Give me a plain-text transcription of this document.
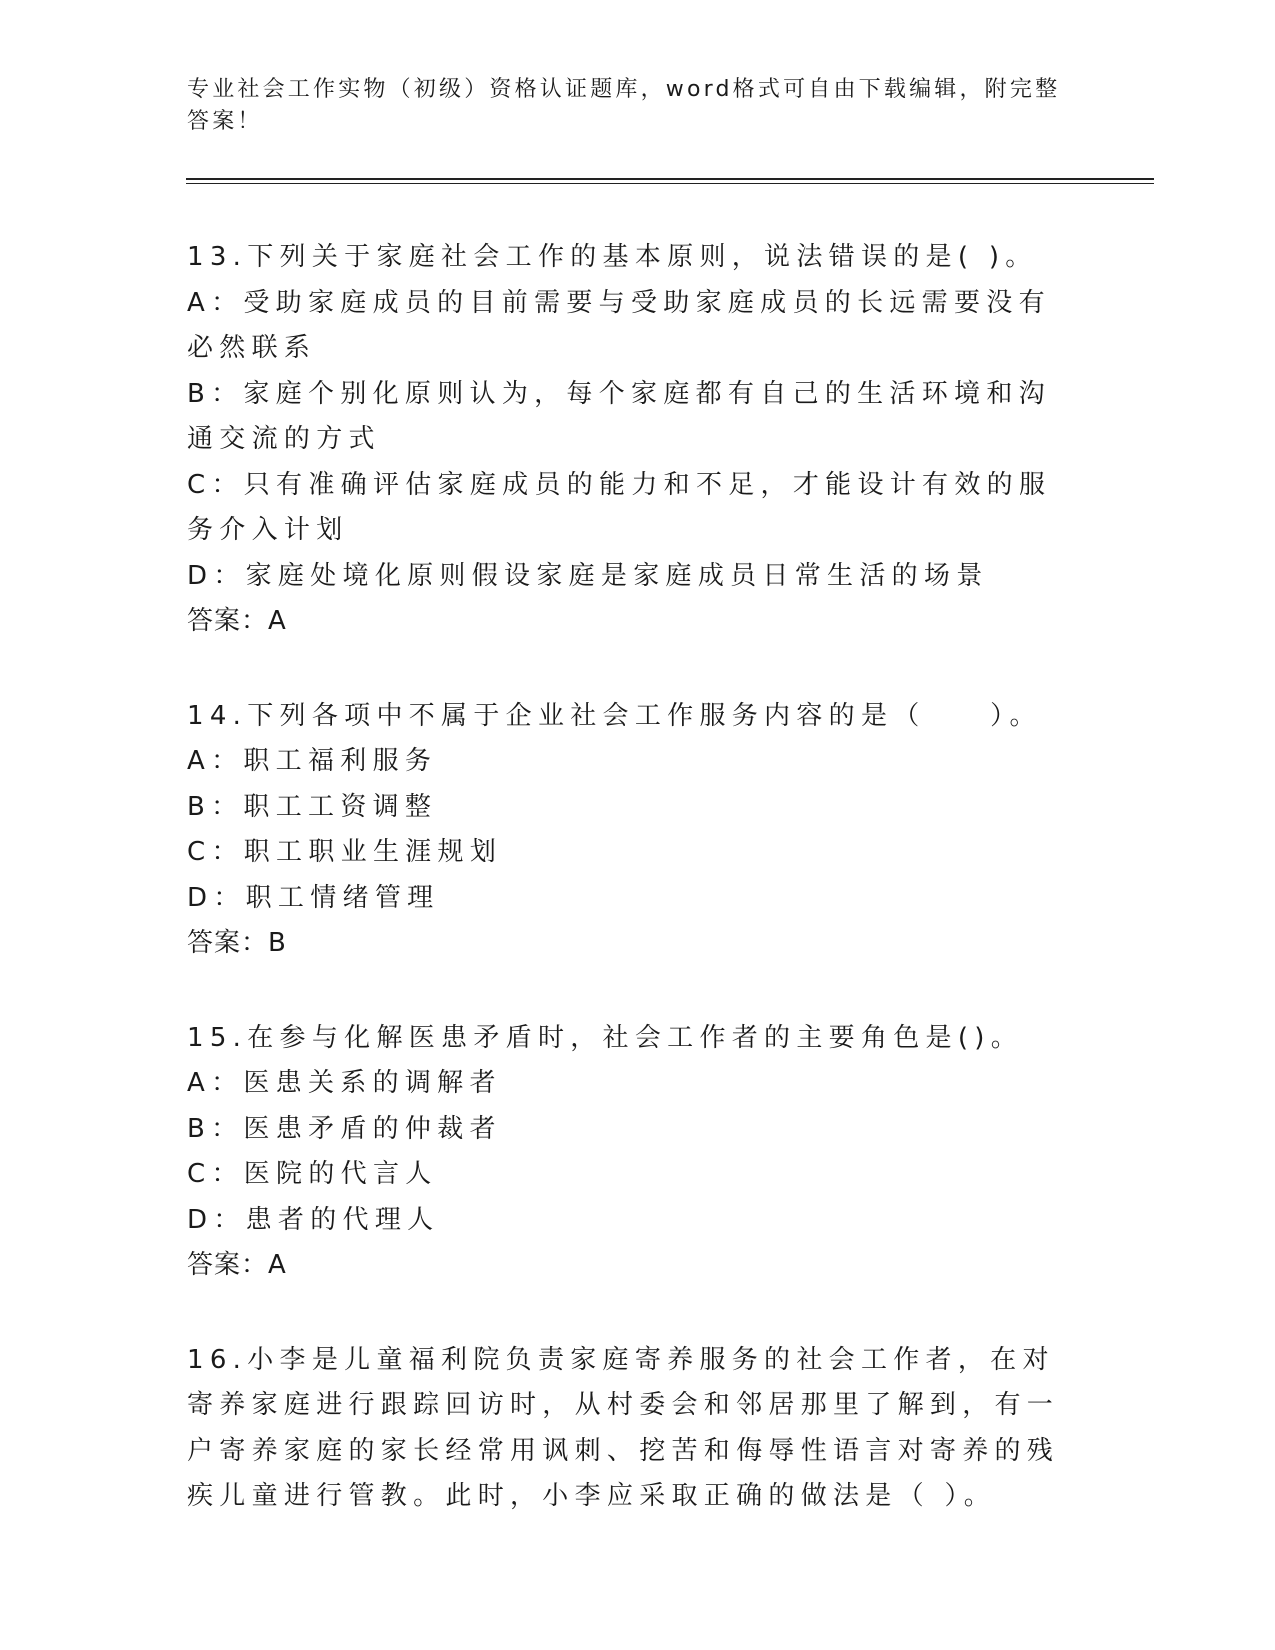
专业社会工作实物（初级）资格认证题库，word格式可自由下载编辑，附完整答案！

13.下列关于家庭社会工作的基本原则，说法错误的是( )。

A：受助家庭成员的目前需要与受助家庭成员的长远需要没有必然联系

B：家庭个别化原则认为，每个家庭都有自己的生活环境和沟通交流的方式

C：只有准确评估家庭成员的能力和不足，才能设计有效的服务介入计划

D：家庭处境化原则假设家庭是家庭成员日常生活的场景

答案：A

14.下列各项中不属于企业社会工作服务内容的是（　　）。

A：职工福利服务

B：职工工资调整

C：职工职业生涯规划

D：职工情绪管理

答案：B

15.在参与化解医患矛盾时，社会工作者的主要角色是()。

A：医患关系的调解者

B：医患矛盾的仲裁者

C：医院的代言人

D：患者的代理人

答案：A

16.小李是儿童福利院负责家庭寄养服务的社会工作者，在对寄养家庭进行跟踪回访时，从村委会和邻居那里了解到，有一户寄养家庭的家长经常用讽刺、挖苦和侮辱性语言对寄养的残疾儿童进行管教。此时，小李应采取正确的做法是（ ）。
